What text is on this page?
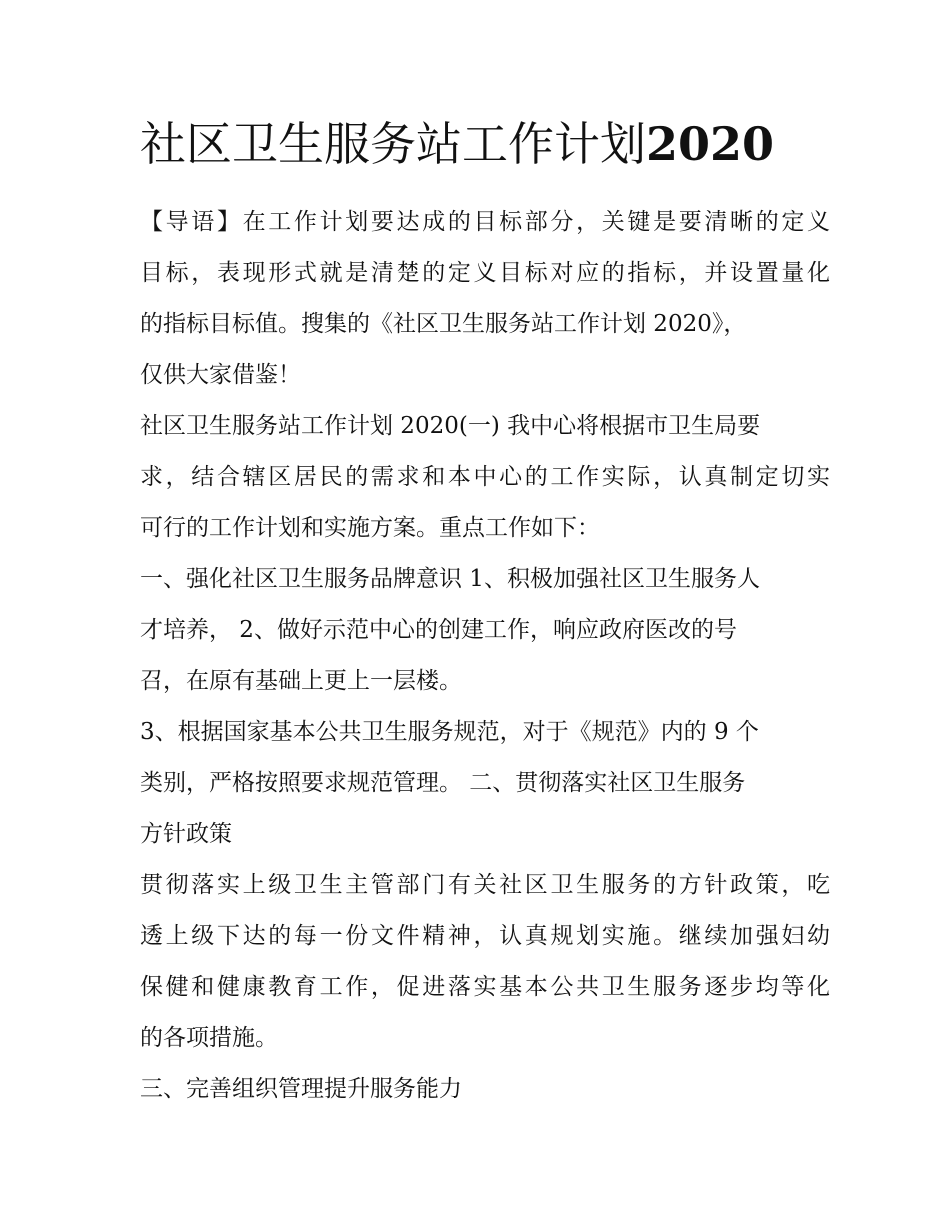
社区卫生服务站工作计划2020

【导语】在工作计划要达成的目标部分，关键是要清晰的定义

目标，表现形式就是清楚的定义目标对应的指标，并设置量化

的指标目标值。搜集的《社区卫生服务站工作计划 2020》，

仅供大家借鉴！

社区卫生服务站工作计划 2020(一) 我中心将根据市卫生局要

求，结合辖区居民的需求和本中心的工作实际，认真制定切实

可行的工作计划和实施方案。重点工作如下：

一、强化社区卫生服务品牌意识 1、积极加强社区卫生服务人

才培养， 2、做好示范中心的创建工作，响应政府医改的号

召，在原有基础上更上一层楼。

3、根据国家基本公共卫生服务规范，对于《规范》内的 9 个

类别，严格按照要求规范管理。 二、贯彻落实社区卫生服务

方针政策

贯彻落实上级卫生主管部门有关社区卫生服务的方针政策，吃

透上级下达的每一份文件精神，认真规划实施。继续加强妇幼

保健和健康教育工作，促进落实基本公共卫生服务逐步均等化

的各项措施。

三、完善组织管理提升服务能力
